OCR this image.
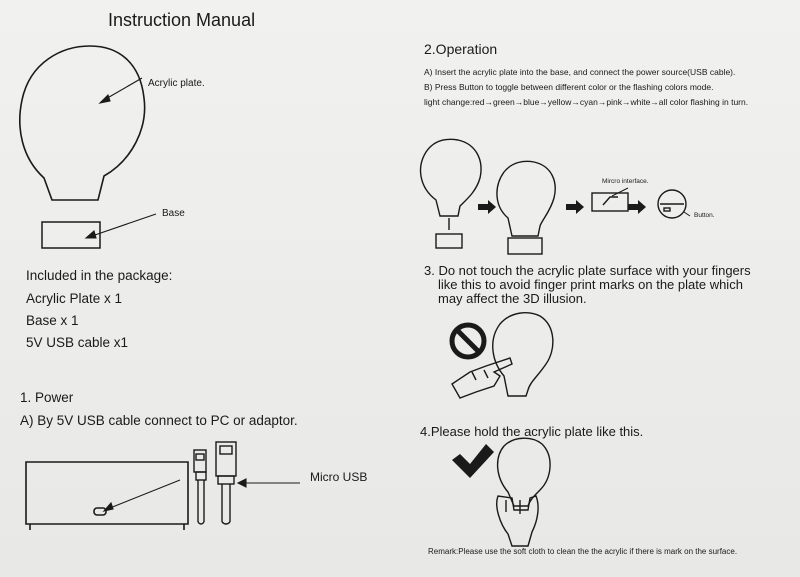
Instruction Manual
Acrylic plate.
Base
Included in the package:
Acrylic Plate x 1
Base x 1
5V USB cable x1
1. Power
A) By 5V USB cable connect to PC or adaptor.
Micro USB
2.Operation
A) Insert the acrylic plate into the base, and connect the power source(USB cable).
B) Press Button to toggle between different color or the flashing colors mode.
light change:red→green→blue→yellow→cyan→pink→white→all color flashing in turn.
Mircro interface.
Button.
3. Do not touch the acrylic plate surface with your fingers
like this to avoid finger print marks on the plate which
may affect the 3D illusion.
4.Please hold the acrylic plate like this.
Remark:Please use the soft cloth to clean the the acrylic if there is mark on the surface.
